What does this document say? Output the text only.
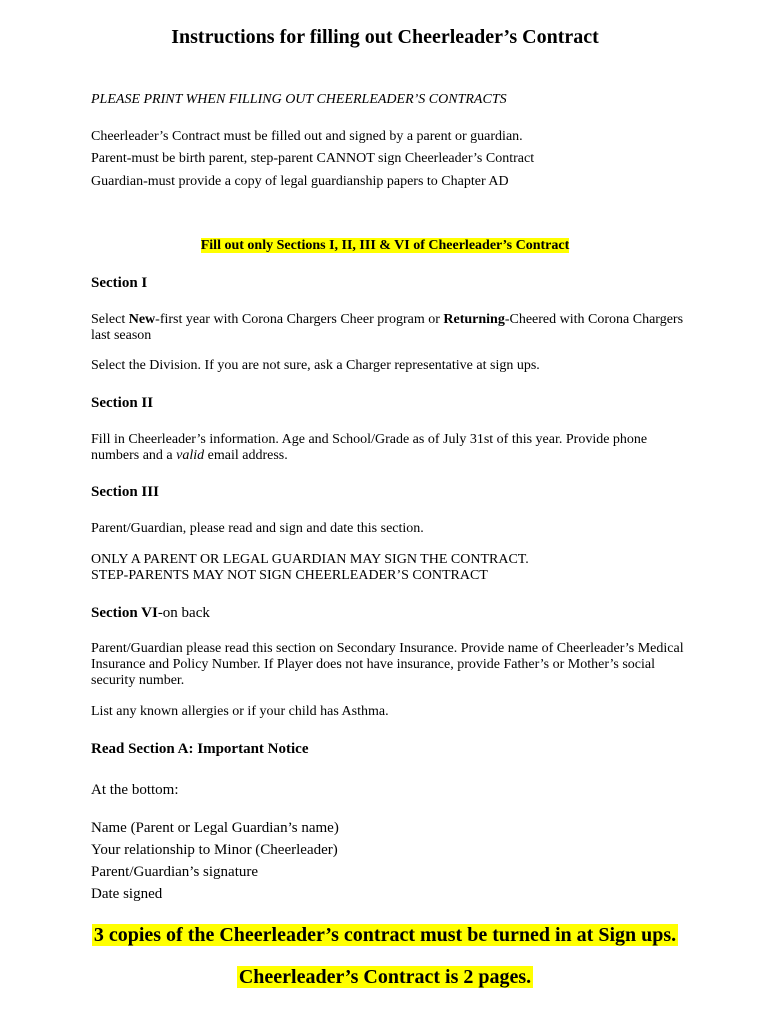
Instructions for filling out Cheerleader’s Contract
PLEASE PRINT WHEN FILLING OUT CHEERLEADER’S CONTRACTS
Cheerleader’s Contract must be filled out and signed by a parent or guardian.
Parent-must be birth parent, step-parent CANNOT sign Cheerleader’s Contract
Guardian-must provide a copy of legal guardianship papers to Chapter AD
Fill out only Sections I, II, III & VI of Cheerleader’s Contract
Section I
Select New-first year with Corona Chargers Cheer program or Returning-Cheered with Corona Chargers
last season
Select the Division. If you are not sure, ask a Charger representative at sign ups.
Section II
Fill in Cheerleader’s information. Age and School/Grade as of July 31st of this year. Provide phone
numbers and a valid email address.
Section III
Parent/Guardian, please read and sign and date this section.
ONLY A PARENT OR LEGAL GUARDIAN MAY SIGN THE CONTRACT.
STEP-PARENTS MAY NOT SIGN CHEERLEADER’S CONTRACT
Section VI-on back
Parent/Guardian please read this section on Secondary Insurance. Provide name of Cheerleader’s Medical
Insurance and Policy Number. If Player does not have insurance, provide Father’s or Mother’s social
security number.
List any known allergies or if your child has Asthma.
Read Section A: Important Notice
At the bottom:
Name (Parent or Legal Guardian’s name)
Your relationship to Minor (Cheerleader)
Parent/Guardian’s signature
Date signed
3 copies of the Cheerleader’s contract must be turned in at Sign ups.
Cheerleader’s Contract is 2 pages.
